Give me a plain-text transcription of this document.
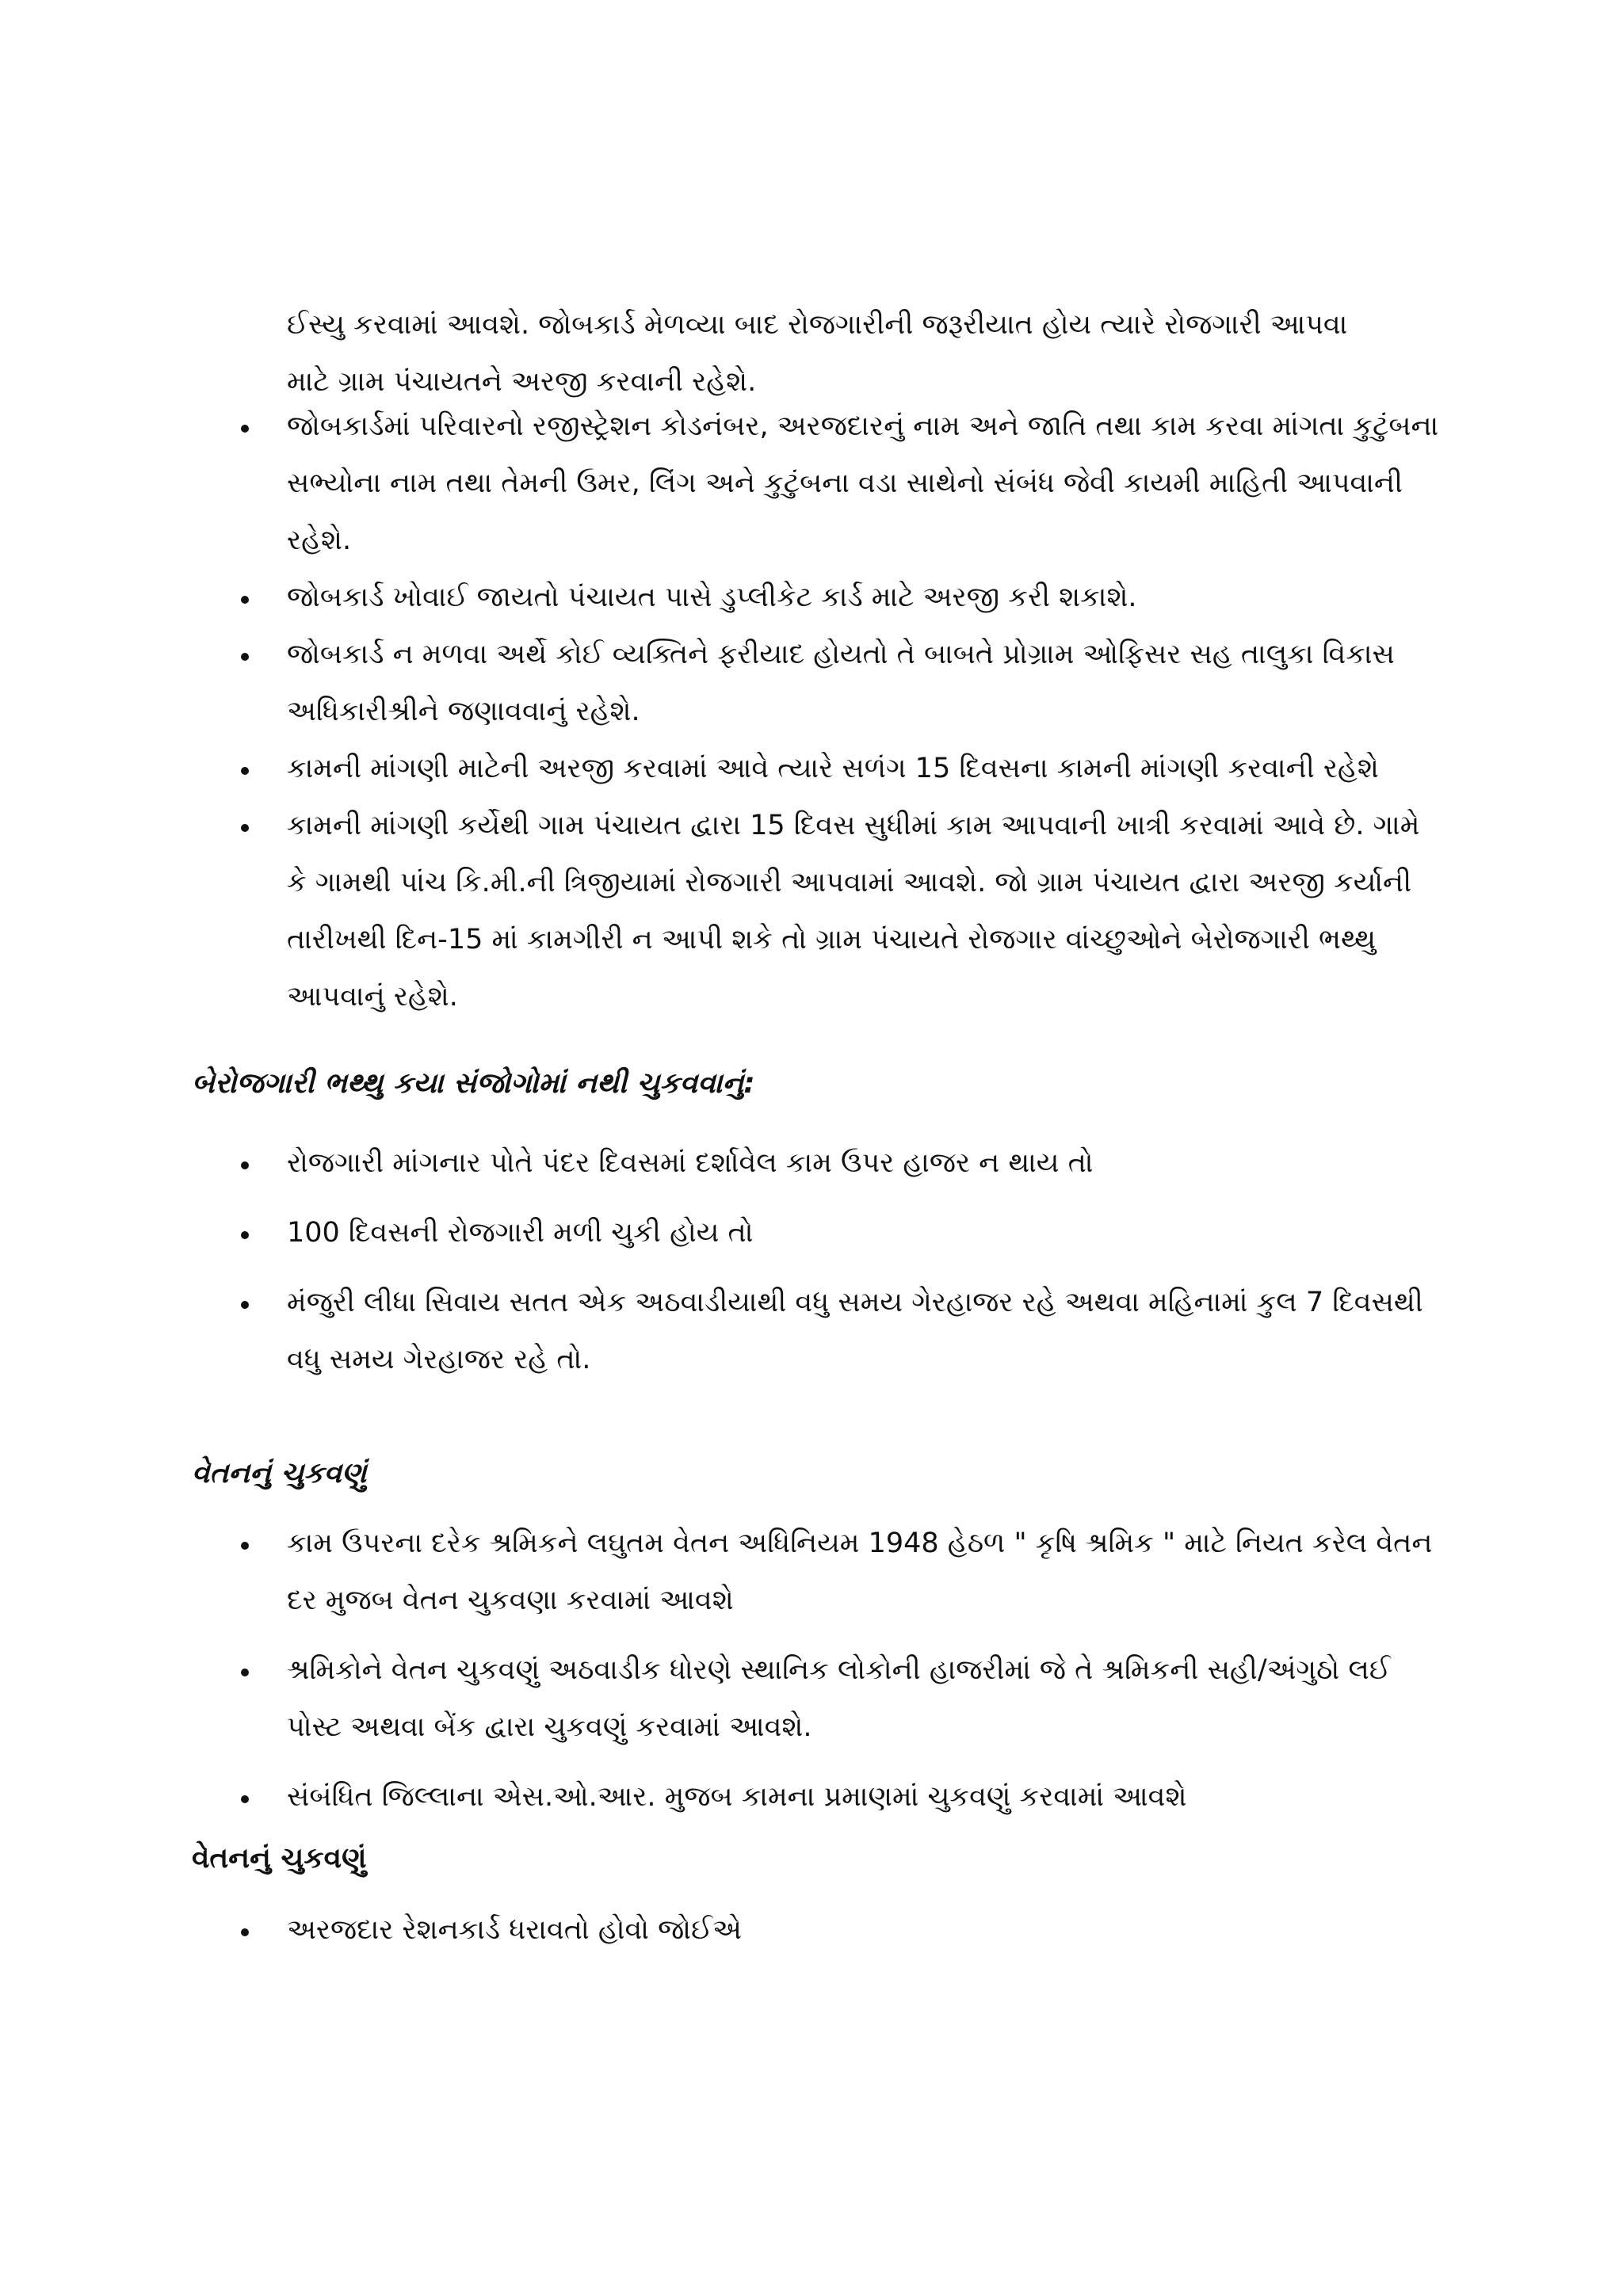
ઈસ્યુ કરવામાં આવશે. જોબકાર્ડ મેળવ્યા બાદ રોજગારીની જરૂરીયાત હોય ત્યારે રોજગારી આપવા
માટે ગ્રામ પંચાયતને અરજી કરવાની રહેશે.

જોબકાર્ડમાં પરિવારનો રજીસ્ટ્રેશન કોડનંબર, અરજદારનું નામ અને જાતિ તથા કામ કરવા માંગતા કુટુંબના સભ્યોના નામ તથા તેમની ઉમર, લિંગ અને કુટુંબના વડા સાથેનો સંબંધ જેવી કાયમી માહિતી આપવાની રહેશે.
જોબકાર્ડ ખોવાઈ જાયતો પંચાયત પાસે ડુપ્લીકેટ કાર્ડ માટે અરજી કરી શકાશે.
જોબકાર્ડ ન મળવા અર્થે કોઈ વ્યક્તિને ફરીયાદ હોયતો તે બાબતે પ્રોગ્રામ ઓફિસર સહ તાલુકા વિકાસ અધિકારીશ્રીને જણાવવાનું રહેશે.
કામની માંગણી માટેની અરજી કરવામાં આવે ત્યારે સળંગ 15 દિવસના કામની માંગણી કરવાની રહેશે
કામની માંગણી કર્યેથી ગામ પંચાયત દ્વારા 15 દિવસ સુધીમાં કામ આપવાની ખાત્રી કરવામાં આવે છે. ગામે કે ગામથી પાંચ કિ.મી.ની ત્રિજીયામાં રોજગારી આપવામાં આવશે. જો ગ્રામ પંચાયત દ્વારા અરજી કર્યાની તારીખથી દિન-15 માં કામગીરી ન આપી શકે તો ગ્રામ પંચાયતે રોજગાર વાંચ્છુઓને બેરોજગારી ભથ્થુ આપવાનું રહેશે.
બેરોજગારી ભથ્થુ કયા સંજોગોમાં નથી ચુકવવાનું:
રોજગારી માંગનાર પોતે પંદર દિવસમાં દર્શાવેલ કામ ઉપર હાજર ન થાય તો
100 દિવસની રોજગારી મળી ચુકી હોય તો
મંજુરી લીધા સિવાય સતત એક અઠવાડીયાથી વધુ સમય ગેરહાજર રહે અથવા મહિનામાં કુલ 7 દિવસથી વધુ સમય ગેરહાજર રહે તો.
વેતનનું ચુકવણું
કામ ઉપરના દરેક શ્રમિકને લઘુતમ વેતન અધિનિયમ 1948 હેઠળ " કૃષિ શ્રમિક " માટે નિયત કરેલ વેતન દર મુજબ વેતન ચુકવણા કરવામાં આવશે
શ્રમિકોને વેતન ચુકવણું અઠવાડીક ધોરણે સ્થાનિક લોકોની હાજરીમાં જે તે શ્રમિકની સહી/અંગુઠો લઈ પોસ્ટ અથવા બેંક દ્વારા ચુકવણું કરવામાં આવશે.
સંબંધિત જિલ્લાના એસ.ઓ.આર. મુજબ કામના પ્રમાણમાં ચુકવણું કરવામાં આવશે
વેતનનું ચુકવણું
અરજદાર રેશનકાર્ડ ધરાવતો હોવો જોઈએ
